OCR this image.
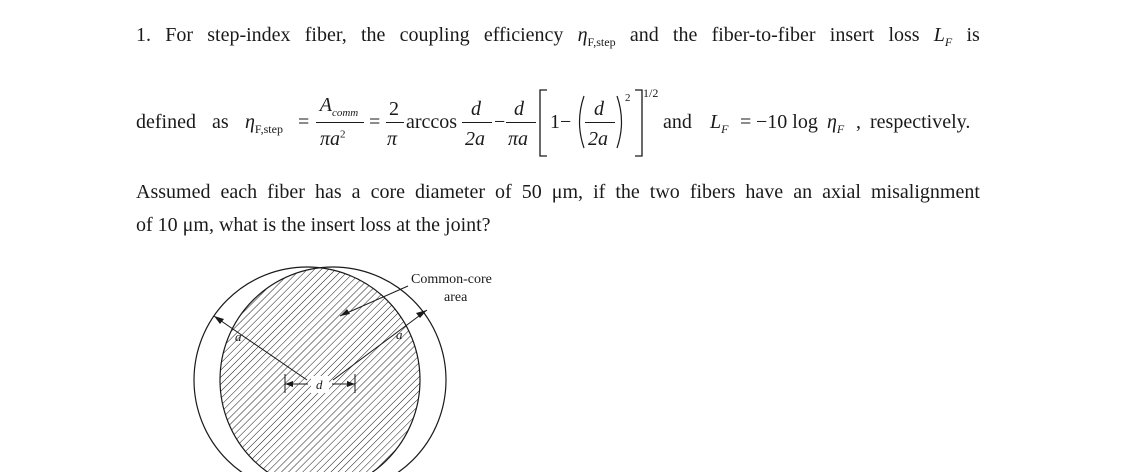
1. For step-index fiber, the coupling efficiency $\eta_{F,step}$ and the fiber-to-fiber insert loss $L_F$ is
defined as $\eta_{F,step}$ =
$A_{comm}$
$\pi a^2$
=
2
π
arccos
d
2a
−
d
πa
1−
d
2a
2 1/2
and $L_F = -10$ $\log \eta_F$ , respectively.
Assumed each fiber has a core diameter of 50 μm, if the two fibers have an axial misalignment
of 10 μm, what is the insert loss at the joint?
a	a
Common-core
area
d
